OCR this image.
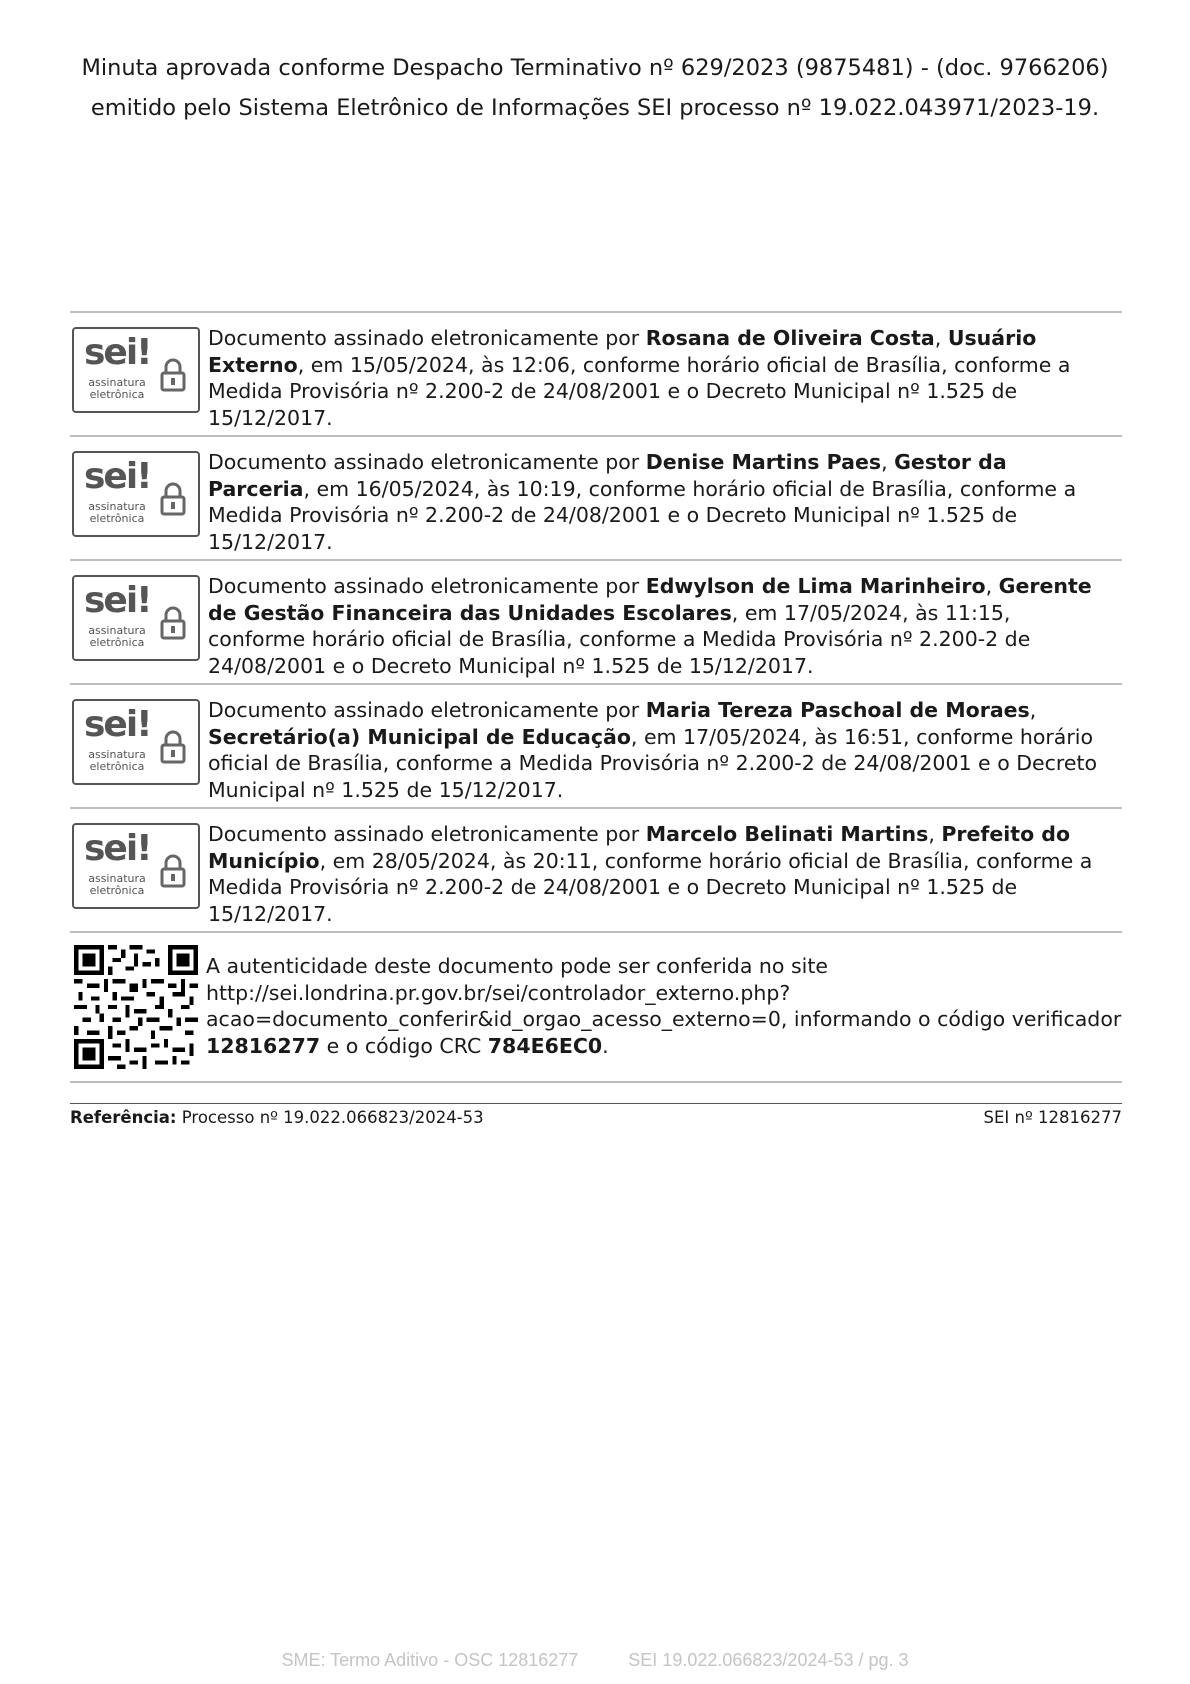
Minuta aprovada conforme Despacho Terminativo nº 629/2023 (9875481) - (doc. 9766206)

emitido pelo Sistema Eletrônico de Informações SEI processo nº 19.022.043971/2023-19.

sei!
assinatura eletrônica
Documento assinado eletronicamente por Rosana de Oliveira Costa, Usuário Externo, em 15/05/2024, às 12:06, conforme horário oficial de Brasília, conforme a Medida Provisória nº 2.200-2 de 24/08/2001 e o Decreto Municipal nº 1.525 de 15/12/2017.
sei!
assinatura eletrônica
Documento assinado eletronicamente por Denise Martins Paes, Gestor da Parceria, em 16/05/2024, às 10:19, conforme horário oficial de Brasília, conforme a Medida Provisória nº 2.200-2 de 24/08/2001 e o Decreto Municipal nº 1.525 de 15/12/2017.
sei!
assinatura eletrônica
Documento assinado eletronicamente por Edwylson de Lima Marinheiro, Gerente de Gestão Financeira das Unidades Escolares, em 17/05/2024, às 11:15, conforme horário oficial de Brasília, conforme a Medida Provisória nº 2.200-2 de 24/08/2001 e o Decreto Municipal nº 1.525 de 15/12/2017.
sei!
assinatura eletrônica
Documento assinado eletronicamente por Maria Tereza Paschoal de Moraes, Secretário(a) Municipal de Educação, em 17/05/2024, às 16:51, conforme horário oficial de Brasília, conforme a Medida Provisória nº 2.200-2 de 24/08/2001 e o Decreto Municipal nº 1.525 de 15/12/2017.
sei!
assinatura eletrônica
Documento assinado eletronicamente por Marcelo Belinati Martins, Prefeito do Município, em 28/05/2024, às 20:11, conforme horário oficial de Brasília, conforme a Medida Provisória nº 2.200-2 de 24/08/2001 e o Decreto Municipal nº 1.525 de 15/12/2017.
A autenticidade deste documento pode ser conferida no site http://sei.londrina.pr.gov.br/sei/controlador_externo.php?acao=documento_conferir&id_orgao_acesso_externo=0, informando o código verificador 12816277 e o código CRC 784E6EC0.
Referência: Processo nº 19.022.066823/2024-53	SEI nº 12816277
SME: Termo Aditivo - OSC 12816277	SEI 19.022.066823/2024-53 / pg. 3
